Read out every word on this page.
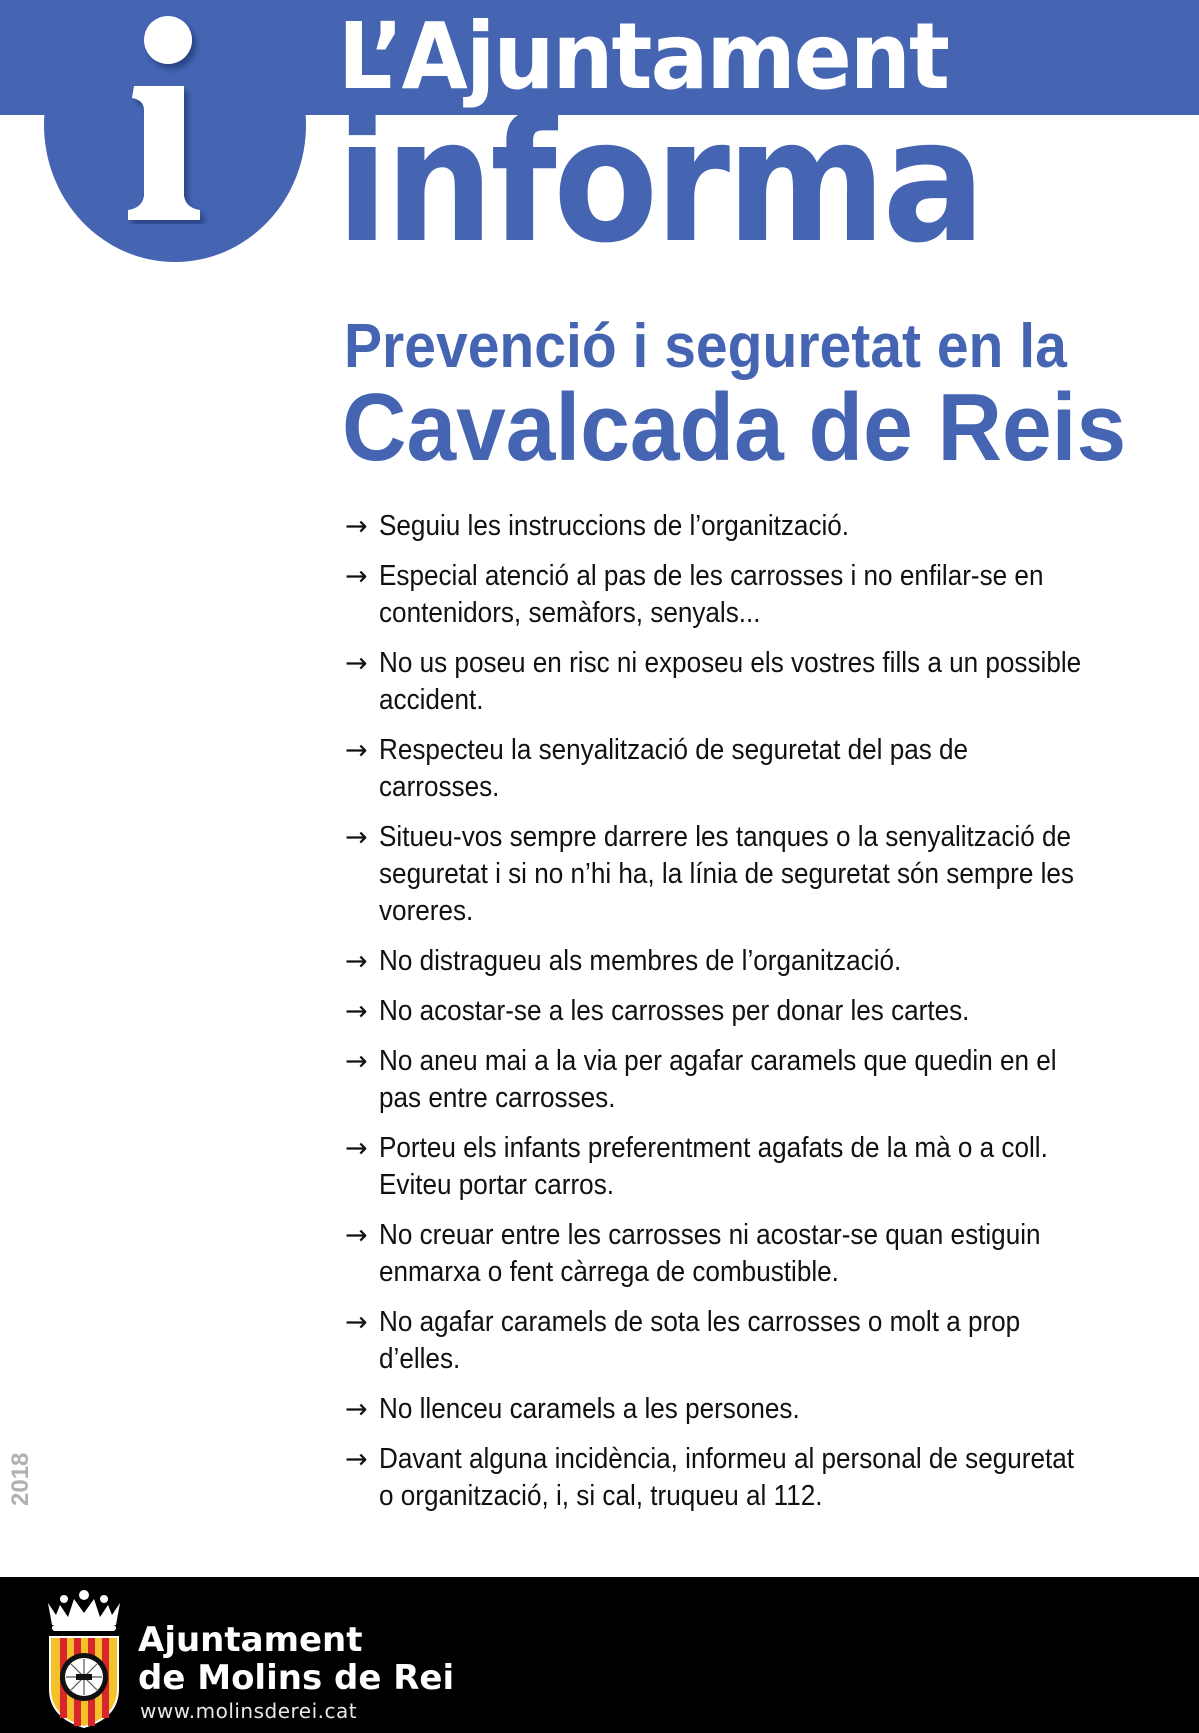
L’Ajuntament
informa
Prevenció i seguretat en la
Cavalcada de Reis
→ Seguiu les instruccions de l’organització.
→ Especial atenció al pas de les carrosses i no enfilar-se en contenidors, semàfors, senyals...
→ No us poseu en risc ni exposeu els vostres fills a un possible accident.
→ Respecteu la senyalització de seguretat del pas de carrosses.
→ Situeu-vos sempre darrere les tanques o la senyalització de seguretat i si no n’hi ha, la línia de seguretat són sempre les voreres.
→ No distragueu als membres de l’organització.
→ No acostar-se a les carrosses per donar les cartes.
→ No aneu mai a la via per agafar caramels que quedin en el pas entre carrosses.
→ Porteu els infants preferentment agafats de la mà o a coll. Eviteu portar carros.
→ No creuar entre les carrosses ni acostar-se quan estiguin enmarxa o fent càrrega de combustible.
→ No agafar caramels de sota les carrosses o molt a prop d’elles.
→ No llenceu caramels a les persones.
→ Davant alguna incidència, informeu al personal de seguretat o organització, i, si cal, truqueu al 112.
2018
Ajuntament
de Molins de Rei
www.molinsderei.cat
